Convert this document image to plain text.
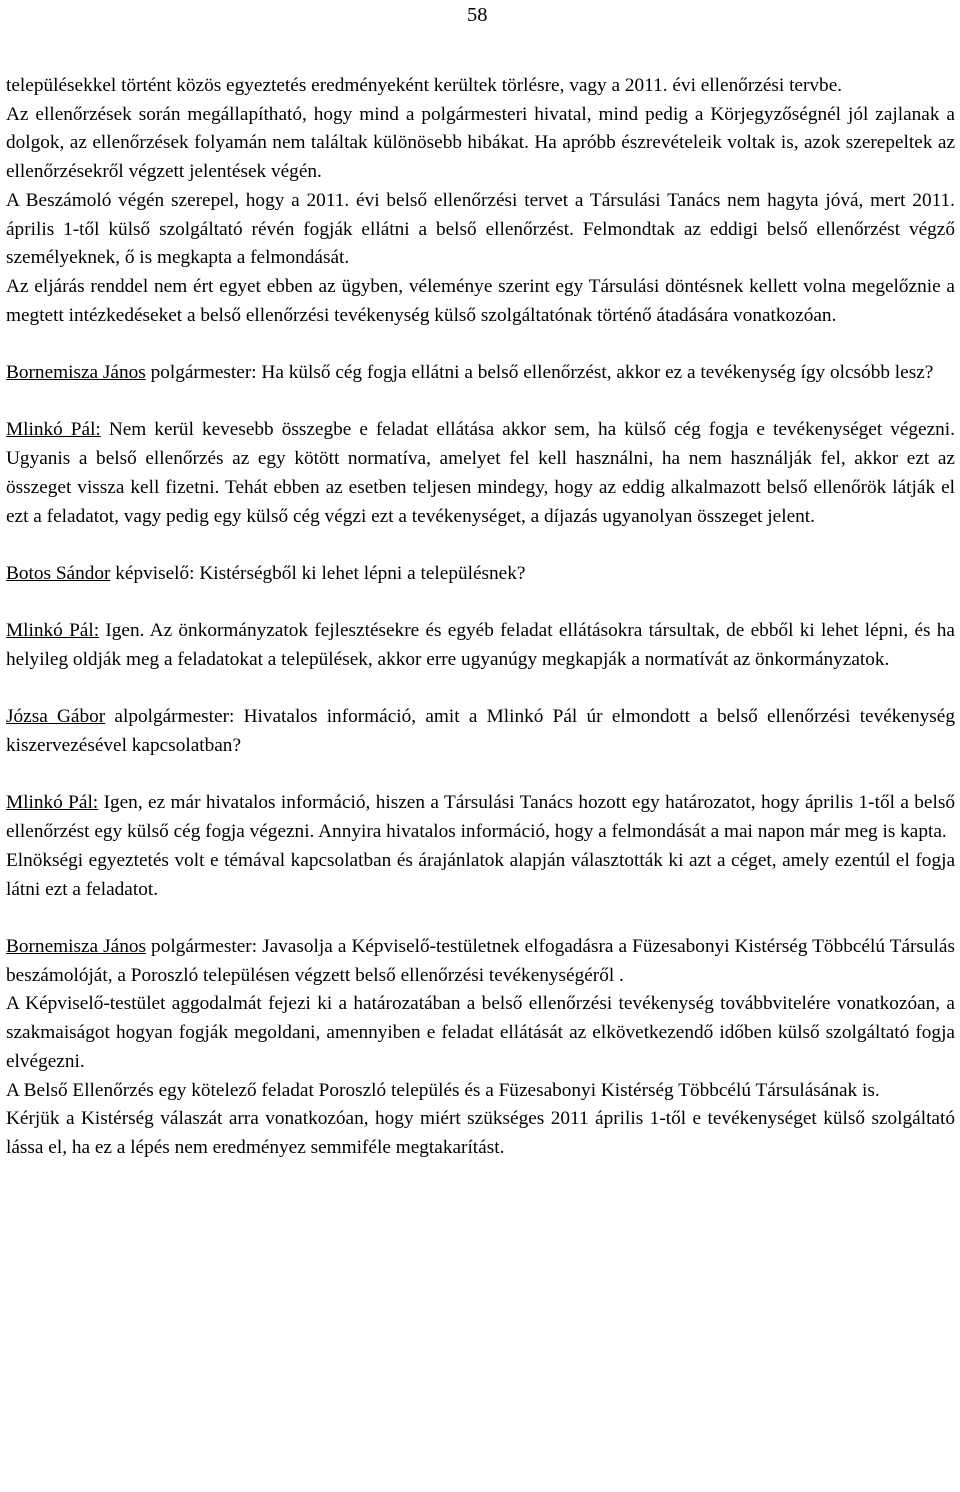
58

településekkel történt közös egyeztetés eredményeként kerültek törlésre, vagy a 2011. évi ellenőrzési tervbe.

Az ellenőrzések során megállapítható, hogy mind a polgármesteri hivatal, mind pedig a Körjegyzőségnél jól zajlanak a dolgok, az ellenőrzések folyamán nem találtak különösebb hibákat. Ha apróbb észrevételeik voltak is, azok szerepeltek az ellenőrzésekről végzett jelentések végén.

A Beszámoló végén szerepel, hogy a 2011. évi belső ellenőrzési tervet a Társulási Tanács nem hagyta jóvá, mert 2011. április 1-től külső szolgáltató révén fogják ellátni a belső ellenőrzést. Felmondtak az eddigi belső ellenőrzést végző személyeknek, ő is megkapta a felmondását.

Az eljárás renddel nem ért egyet ebben az ügyben, véleménye szerint egy Társulási döntésnek kellett volna megelőznie a megtett intézkedéseket a belső ellenőrzési tevékenység külső szolgáltatónak történő átadására vonatkozóan.

Bornemisza János polgármester: Ha külső cég fogja ellátni a belső ellenőrzést, akkor ez a tevékenység így olcsóbb lesz?

Mlinkó Pál: Nem kerül kevesebb összegbe e feladat ellátása akkor sem, ha külső cég fogja e tevékenységet végezni. Ugyanis a belső ellenőrzés az egy kötött normatíva, amelyet fel kell használni, ha nem használják fel, akkor ezt az összeget vissza kell fizetni. Tehát ebben az esetben teljesen mindegy, hogy az eddig alkalmazott belső ellenőrök látják el ezt a feladatot, vagy pedig egy külső cég végzi ezt a tevékenységet, a díjazás ugyanolyan összeget jelent.

Botos Sándor képviselő: Kistérségből ki lehet lépni a településnek?

Mlinkó Pál: Igen. Az önkormányzatok fejlesztésekre és egyéb feladat ellátásokra társultak, de ebből ki lehet lépni, és ha helyileg oldják meg a feladatokat a települések, akkor erre ugyanúgy megkapják a normatívát az önkormányzatok.

Józsa Gábor alpolgármester: Hivatalos információ, amit a Mlinkó Pál úr elmondott a belső ellenőrzési tevékenység kiszervezésével kapcsolatban?

Mlinkó Pál: Igen, ez már hivatalos információ, hiszen a Társulási Tanács hozott egy határozatot, hogy április 1-től a belső ellenőrzést egy külső cég fogja végezni. Annyira hivatalos információ, hogy a felmondását a mai napon már meg is kapta.

Elnökségi egyeztetés volt e témával kapcsolatban és árajánlatok alapján választották ki azt a céget, amely ezentúl el fogja látni ezt a feladatot.

Bornemisza János polgármester: Javasolja a Képviselő-testületnek elfogadásra a Füzesabonyi Kistérség Többcélú Társulás beszámolóját, a Poroszló településen végzett belső ellenőrzési tevékenységéről .

A Képviselő-testület aggodalmát fejezi ki a határozatában a belső ellenőrzési tevékenység továbbvitelére vonatkozóan, a szakmaiságot hogyan fogják megoldani, amennyiben e feladat ellátását az elkövetkezendő időben külső szolgáltató fogja elvégezni.

A Belső Ellenőrzés egy kötelező feladat Poroszló település és a Füzesabonyi Kistérség Többcélú Társulásának is.

Kérjük a Kistérség válaszát arra vonatkozóan, hogy miért szükséges 2011 április 1-től e tevékenységet külső szolgáltató lássa el, ha ez a lépés nem eredményez semmiféle megtakarítást.
